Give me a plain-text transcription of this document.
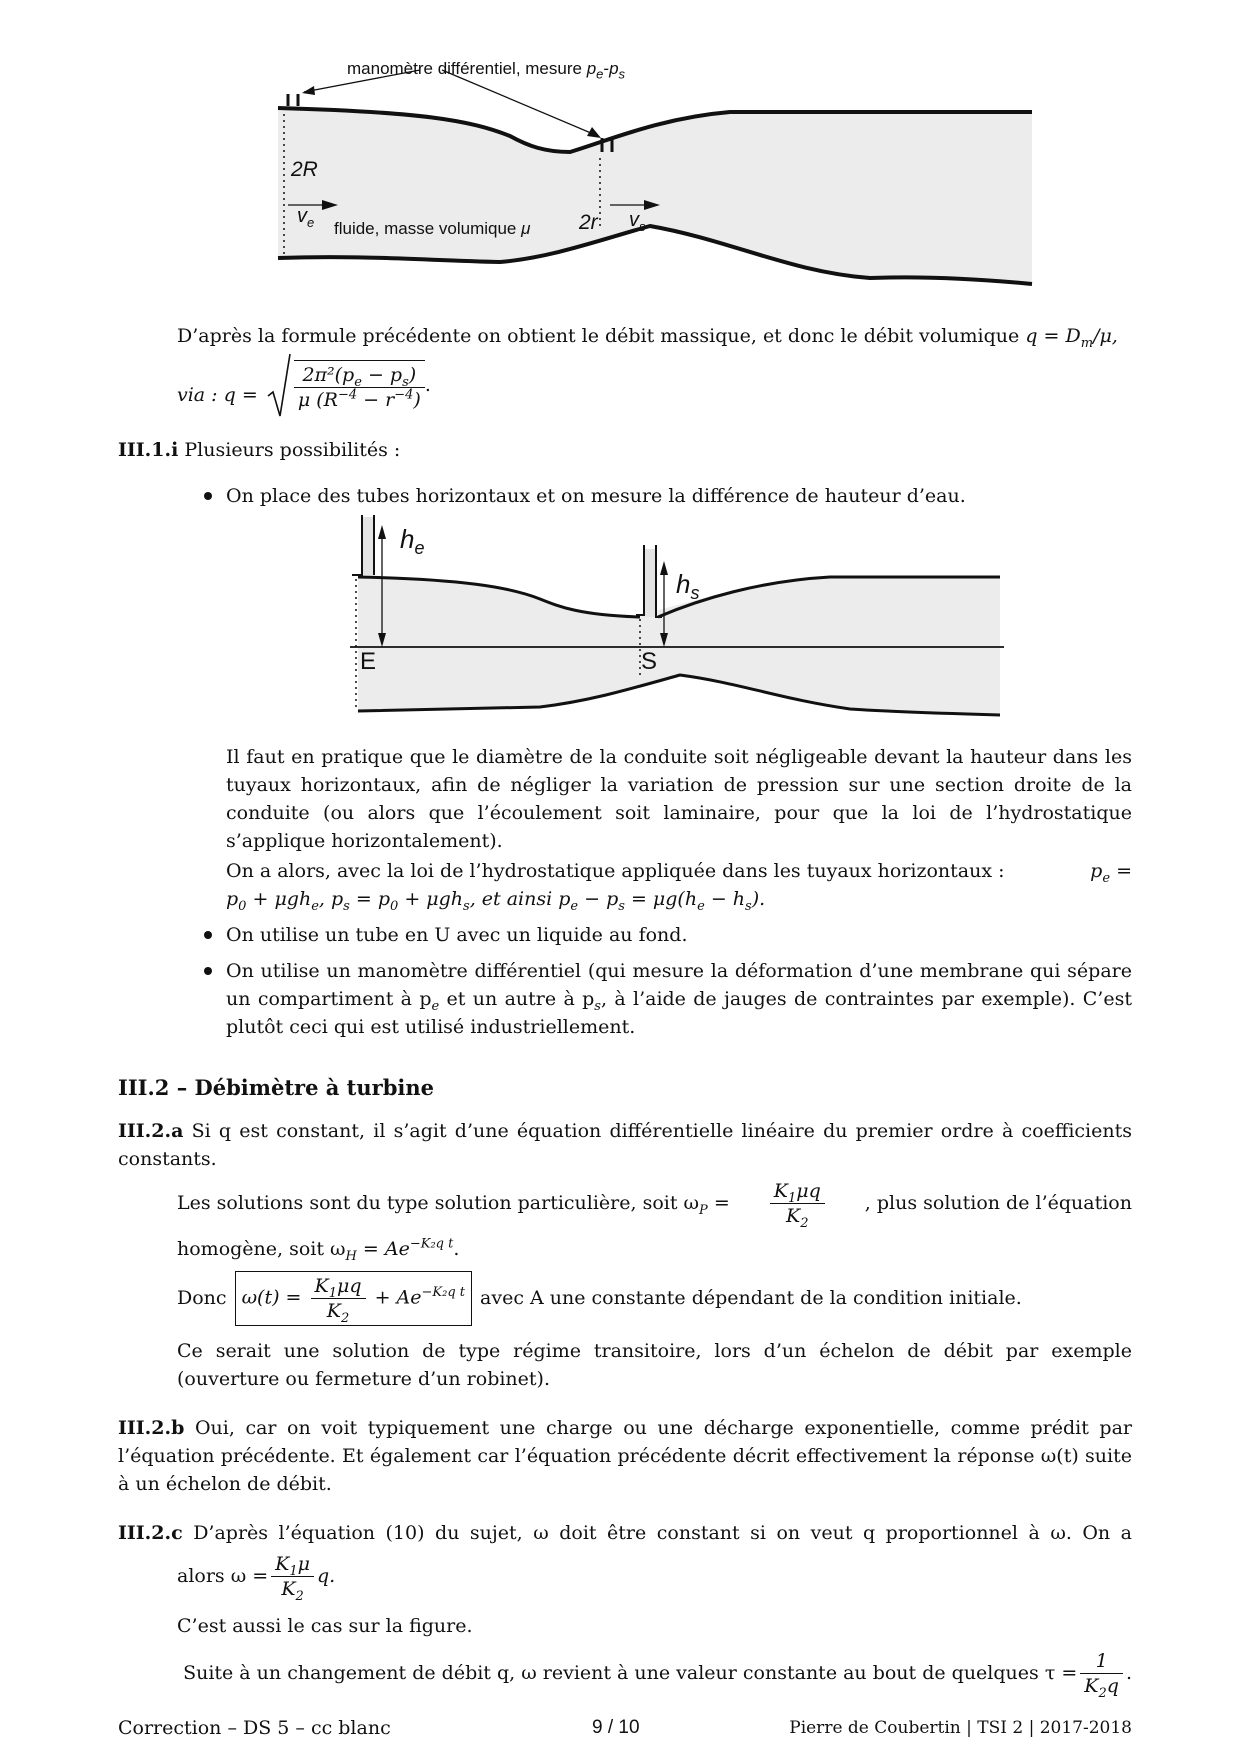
manomètre différentiel, mesure $p_e-p_s$
2R
$v_e$ fluide, masse volumique μ 2r $v_s$
D’après la formule précédente on obtient le débit massique, et donc le débit volumique $q = D_m/\mu$,
via : $q = \frac{2\pi^2(p_e - p_s)}{\mu (R^{-4} - r^{-4})}$ .
III.1.i Plusieurs possibilités :
On place des tubes horizontaux et on mesure la différence de hauteur d’eau.
$h_e$
$h_s$
E	S
Il faut en pratique que le diamètre de la conduite soit négligeable devant la hauteur dans les tuyaux horizontaux, afin de négliger la variation de pression sur une section droite de la conduite (ou alors que l’écoulement soit laminaire, pour que la loi de l’hydrostatique s’applique horizontalement).
On a alors, avec la loi de l’hydrostatique appliquée dans les tuyaux horizontaux :	$p_e$ =
$p_0 + \mu gh_e$, $p_s = p_0 + \mu gh_s$, et ainsi $p_e - p_s = \mu g(h_e - h_s)$.
On utilise un tube en U avec un liquide au fond.
On utilise un manomètre différentiel (qui mesure la déformation d’une membrane qui sépare un compartiment à $p_e$ et un autre à $p_s$, à l’aide de jauges de contraintes par exemple). C’est plutôt ceci qui est utilisé industriellement.
III.2 – Débimètre à turbine
III.2.a Si q est constant, il s’agit d’une équation différentielle linéaire du premier ordre à coefficients constants.
Les solutions sont du type solution particulière, soit $\omega_P = \frac{K_1\mu q}{K_2}$ , plus solution de l’équation
homogène, soit $\omega_H = Ae^{-K_2q t}$.
Donc $\omega(t) = \frac{K_1\mu q}{K_2} + Ae^{-K_2q t}$ avec A une constante dépendant de la condition initiale.
Ce serait une solution de type régime transitoire, lors d’un échelon de débit par exemple (ouverture ou fermeture d’un robinet).
III.2.b Oui, car on voit typiquement une charge ou une décharge exponentielle, comme prédit par l’équation précédente. Et également car l’équation précédente décrit effectivement la réponse ω(t) suite à un échelon de débit.
III.2.c D’après l’équation (10) du sujet, ω doit être constant si on veut q proportionnel à ω. On a
alors $\omega = \frac{K_1\mu}{K_2} q$.
C’est aussi le cas sur la figure.
Suite à un changement de débit q, ω revient à une valeur constante au bout de quelques $\tau = \frac{1}{K_2q}$ .
Correction – DS 5 – cc blanc	9 / 10	Pierre de Coubertin | TSI 2 | 2017-2018
